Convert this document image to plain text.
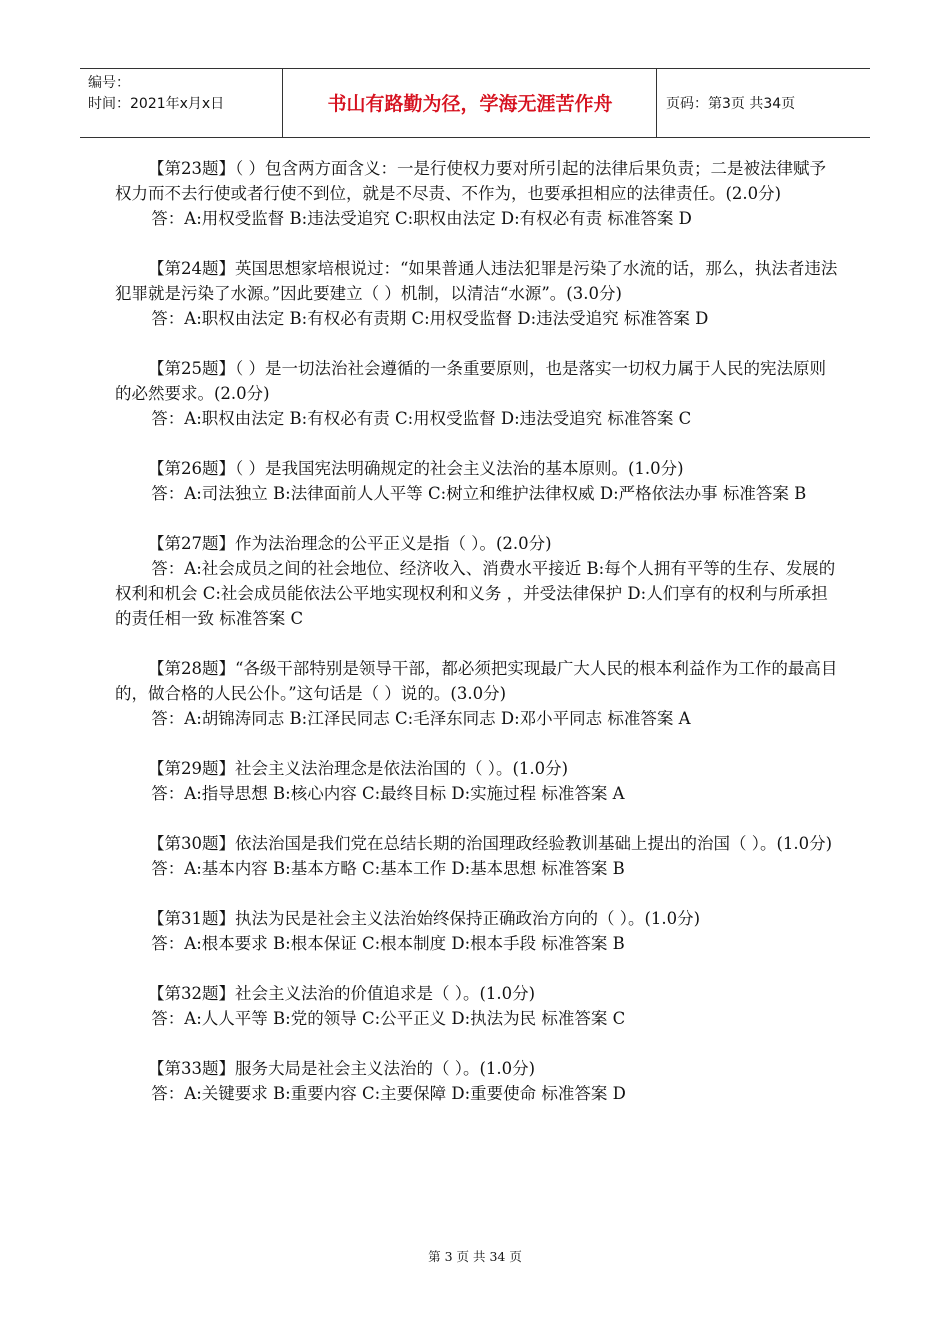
编号：
时间：2021年x月x日	书山有路勤为径，学海无涯苦作舟	页码：第3页 共34页

【第23题】（ ）包含两方面含义：一是行使权力要对所引起的法律后果负责；二是被法律赋予权力而不去行使或者行使不到位，就是不尽责、不作为，也要承担相应的法律责任。(2.0分)

答：A:用权受监督 B:违法受追究 C:职权由法定 D:有权必有责 标准答案 D

【第24题】英国思想家培根说过：“如果普通人违法犯罪是污染了水流的话，那么，执法者违法犯罪就是污染了水源。”因此要建立（ ）机制，以清洁“水源”。(3.0分)

答：A:职权由法定 B:有权必有责期 C:用权受监督 D:违法受追究 标准答案 D

【第25题】（ ）是一切法治社会遵循的一条重要原则，也是落实一切权力属于人民的宪法原则的必然要求。(2.0分)

答：A:职权由法定 B:有权必有责 C:用权受监督 D:违法受追究 标准答案 C

【第26题】（ ）是我国宪法明确规定的社会主义法治的基本原则。(1.0分)

答：A:司法独立 B:法律面前人人平等 C:树立和维护法律权威 D:严格依法办事 标准答案 B

【第27题】作为法治理念的公平正义是指（ ）。(2.0分)

答：A:社会成员之间的社会地位、经济收入、消费水平接近 B:每个人拥有平等的生存、发展的权利和机会 C:社会成员能依法公平地实现权利和义务 ，并受法律保护 D:人们享有的权利与所承担的责任相一致 标准答案 C

【第28题】“各级干部特别是领导干部，都必须把实现最广大人民的根本利益作为工作的最高目的，做合格的人民公仆。”这句话是（ ）说的。(3.0分)

答：A:胡锦涛同志 B:江泽民同志 C:毛泽东同志 D:邓小平同志 标准答案 A

【第29题】社会主义法治理念是依法治国的（ ）。(1.0分)

答：A:指导思想 B:核心内容 C:最终目标 D:实施过程 标准答案 A

【第30题】依法治国是我们党在总结长期的治国理政经验教训基础上提出的治国（ ）。(1.0分)

答：A:基本内容 B:基本方略 C:基本工作 D:基本思想 标准答案 B

【第31题】执法为民是社会主义法治始终保持正确政治方向的（ ）。(1.0分)

答：A:根本要求 B:根本保证 C:根本制度 D:根本手段 标准答案 B

【第32题】社会主义法治的价值追求是（ ）。(1.0分)

答：A:人人平等 B:党的领导 C:公平正义 D:执法为民 标准答案 C

【第33题】服务大局是社会主义法治的（ ）。(1.0分)

答：A:关键要求 B:重要内容 C:主要保障 D:重要使命 标准答案 D

第 3 页 共 34 页
